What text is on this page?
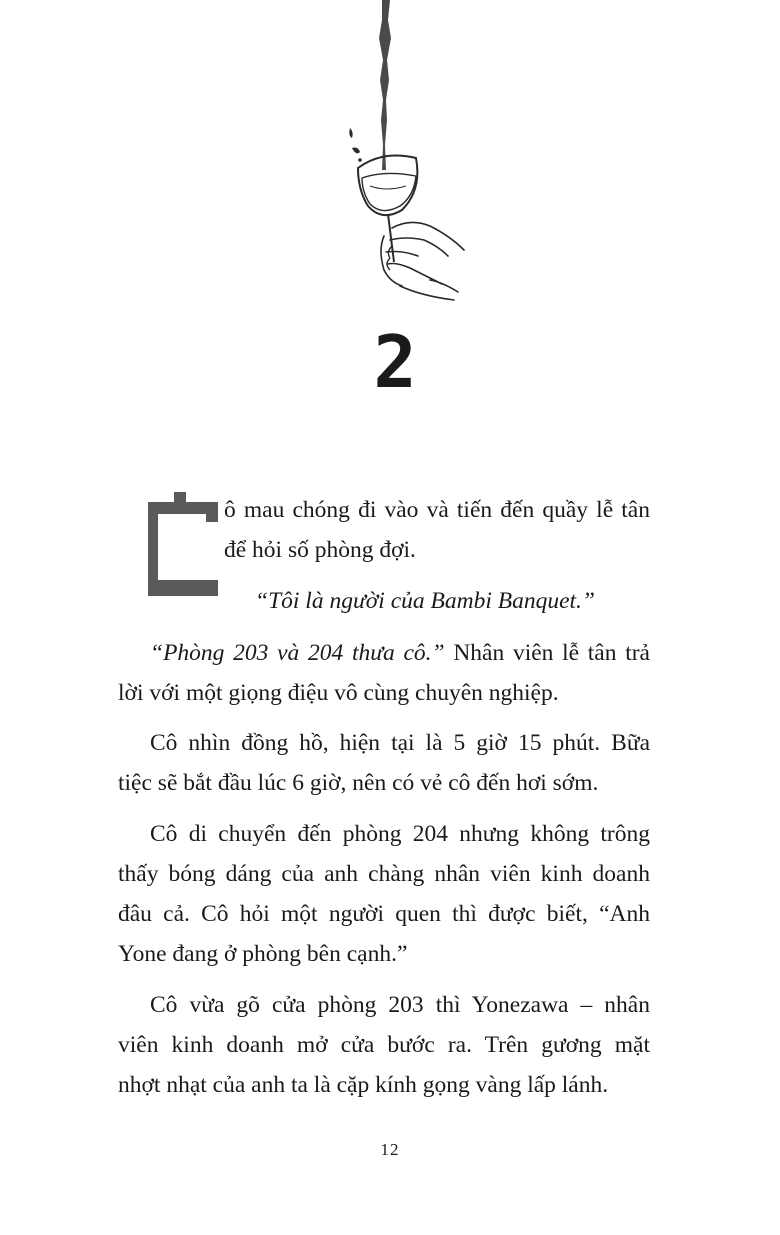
2
ô mau chóng đi vào và tiến đến quầy lễ tân
để hỏi số phòng đợi.
“Tôi là người của Bambi Banquet.”
“Phòng 203 và 204 thưa cô.” Nhân viên lễ tân trả
lời với một giọng điệu vô cùng chuyên nghiệp.
Cô nhìn đồng hồ, hiện tại là 5 giờ 15 phút. Bữa
tiệc sẽ bắt đầu lúc 6 giờ, nên có vẻ cô đến hơi sớm.
Cô di chuyển đến phòng 204 nhưng không trông
thấy bóng dáng của anh chàng nhân viên kinh doanh
đâu cả. Cô hỏi một người quen thì được biết, “Anh
Yone đang ở phòng bên cạnh.”
Cô vừa gõ cửa phòng 203 thì Yonezawa – nhân
viên kinh doanh mở cửa bước ra. Trên gương mặt
nhợt nhạt của anh ta là cặp kính gọng vàng lấp lánh.
12
